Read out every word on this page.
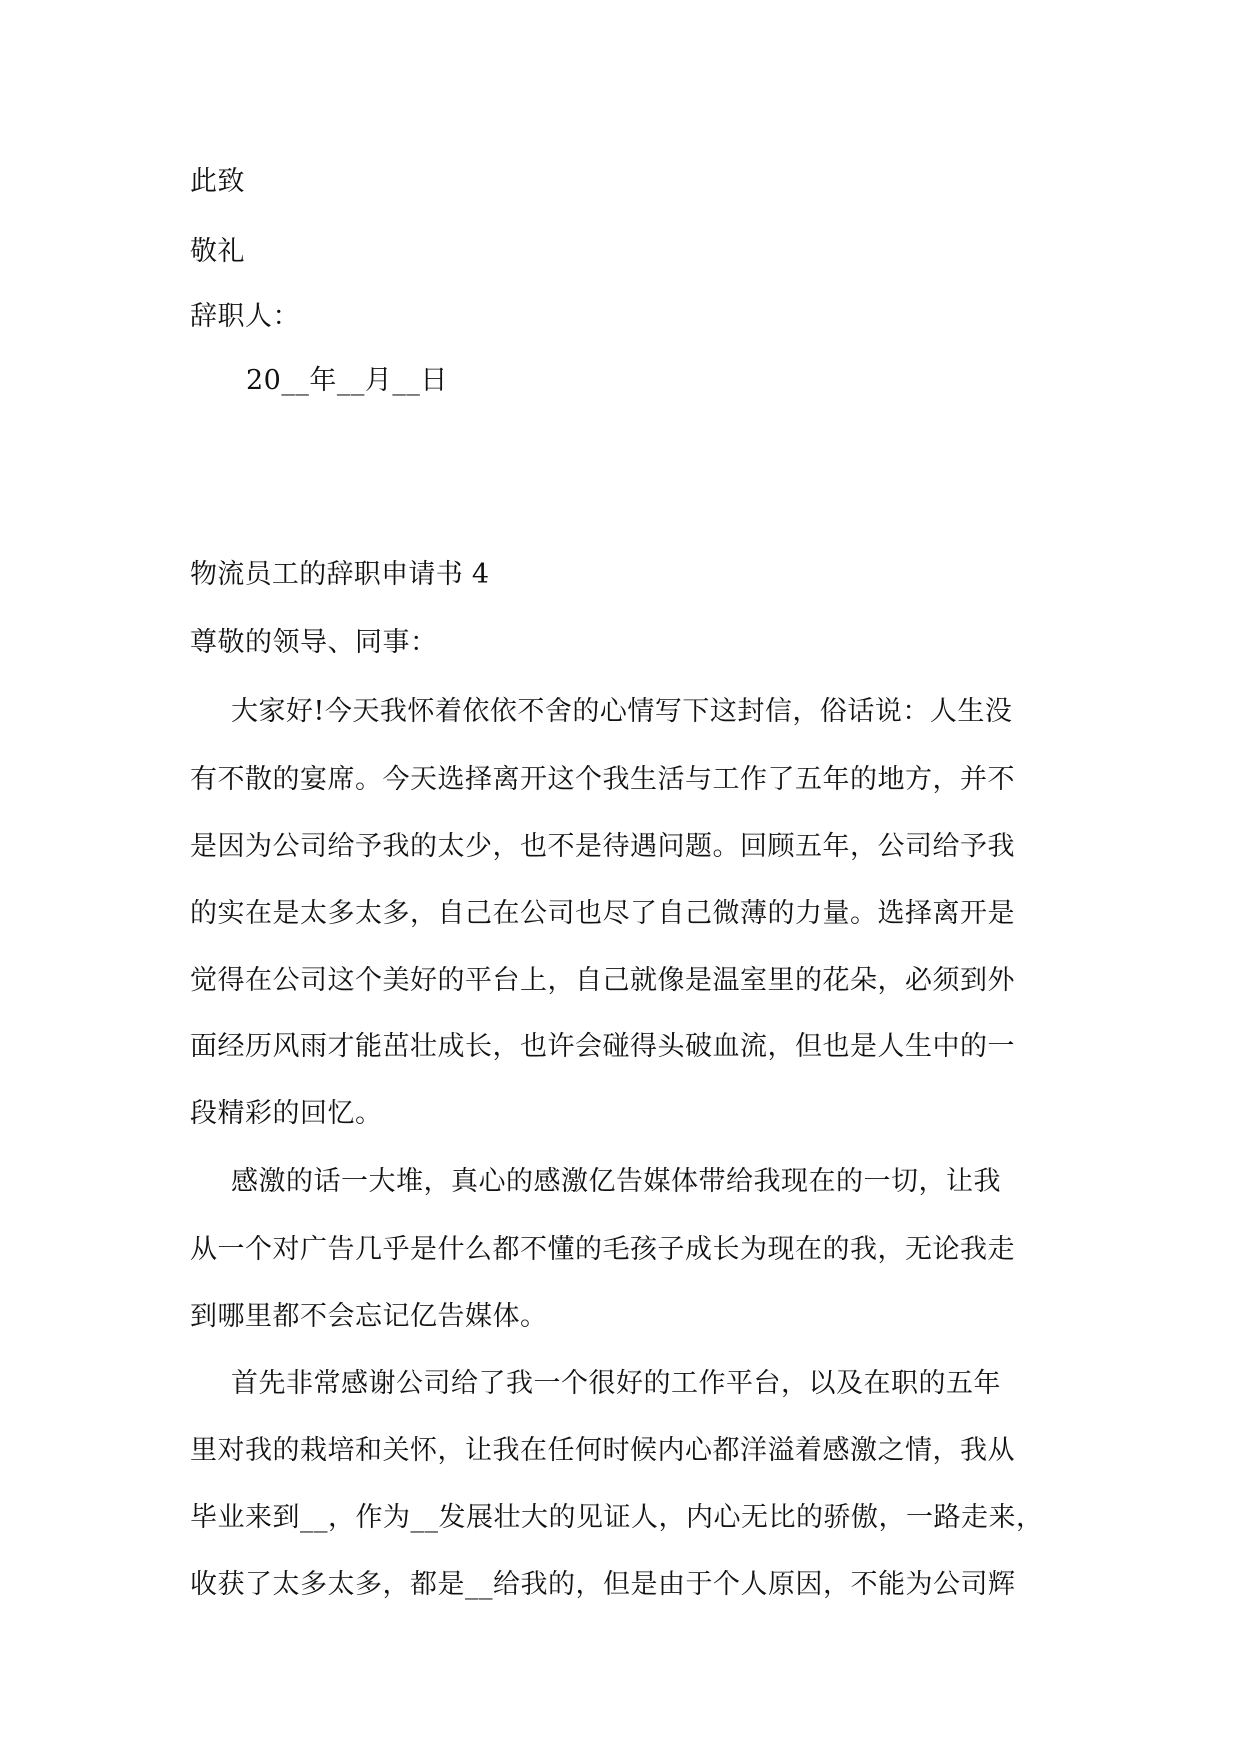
此致
敬礼
辞职人：
20__年__月__日
物流员工的辞职申请书 4
尊敬的领导、同事：
大家好!今天我怀着依依不舍的心情写下这封信，俗话说：人生没
有不散的宴席。今天选择离开这个我生活与工作了五年的地方，并不
是因为公司给予我的太少，也不是待遇问题。回顾五年，公司给予我
的实在是太多太多，自己在公司也尽了自己微薄的力量。选择离开是
觉得在公司这个美好的平台上，自己就像是温室里的花朵，必须到外
面经历风雨才能茁壮成长，也许会碰得头破血流，但也是人生中的一
段精彩的回忆。
感激的话一大堆，真心的感激亿告媒体带给我现在的一切，让我
从一个对广告几乎是什么都不懂的毛孩子成长为现在的我，无论我走
到哪里都不会忘记亿告媒体。
首先非常感谢公司给了我一个很好的工作平台，以及在职的五年
里对我的栽培和关怀，让我在任何时候内心都洋溢着感激之情，我从
毕业来到__，作为__发展壮大的见证人，内心无比的骄傲，一路走来，
收获了太多太多，都是__给我的，但是由于个人原因，不能为公司辉
